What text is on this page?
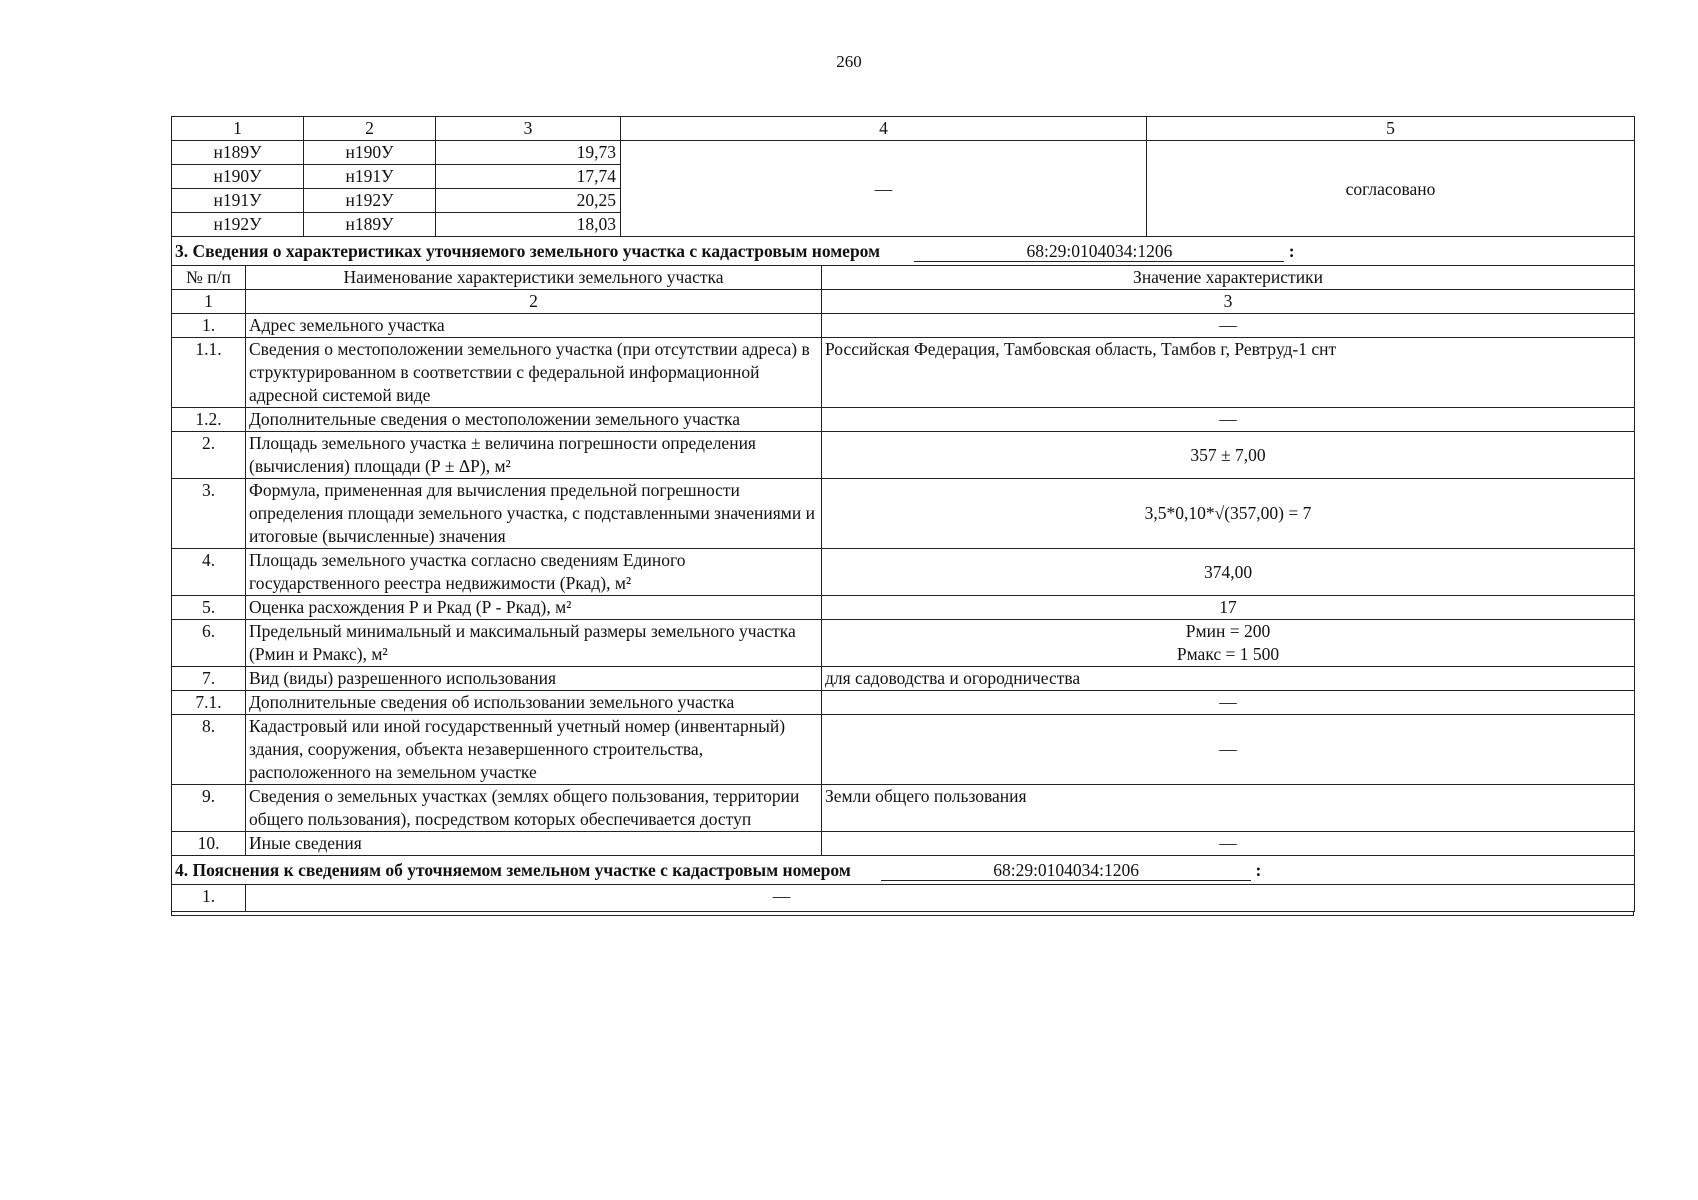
260
1	2	3	4	5
н189У	н190У	19,73	—	согласовано
н190У	н191У	17,74		
н191У	н192У	20,25		
н192У	н189У	18,03		
3. Сведения о характеристиках уточняемого земельного участка с кадастровым номером 68:29:0104034:1206 :		
№ п/п	Наименование характеристики земельного участка	Значение характеристики
1	2	3
1.	Адрес земельного участка	—
1.1.	Сведения о местоположении земельного участка (при отсутствии адреса) в структурированном в соответствии с федеральной информационной адресной системой виде	Российская Федерация, Тамбовская область, Тамбов г, Ревтруд-1 снт
1.2.	Дополнительные сведения о местоположении земельного участка	—
2.	Площадь земельного участка ± величина погрешности определения (вычисления) площади (Р ± ΔР), м²	357 ± 7,00
3.	Формула, примененная для вычисления предельной погрешности определения площади земельного участка, с подставленными значениями и итоговые (вычисленные) значения	3,5*0,10*√(357,00) = 7
4.	Площадь земельного участка согласно сведениям Единого государственного реестра недвижимости (Ркад), м²	374,00
5.	Оценка расхождения Р и Ркад (Р - Ркад), м²	17
6.	Предельный минимальный и максимальный размеры земельного участка (Рмин и Рмакс), м²	Рмин = 200
Рмакс = 1 500

7.	Вид (виды) разрешенного использования	для садоводства и огородничества
7.1.	Дополнительные сведения об использовании земельного участка	—
8.	Кадастровый или иной государственный учетный номер (инвентарный) здания, сооружения, объекта незавершенного строительства, расположенного на земельном участке	—
9.	Сведения о земельных участках (землях общего пользования, территории общего пользования), посредством которых обеспечивается доступ	Земли общего пользования
10.	Иные сведения	—
4. Пояснения к сведениям об уточняемом земельном участке с кадастровым номером 68:29:0104034:1206 :		
1.	—	
